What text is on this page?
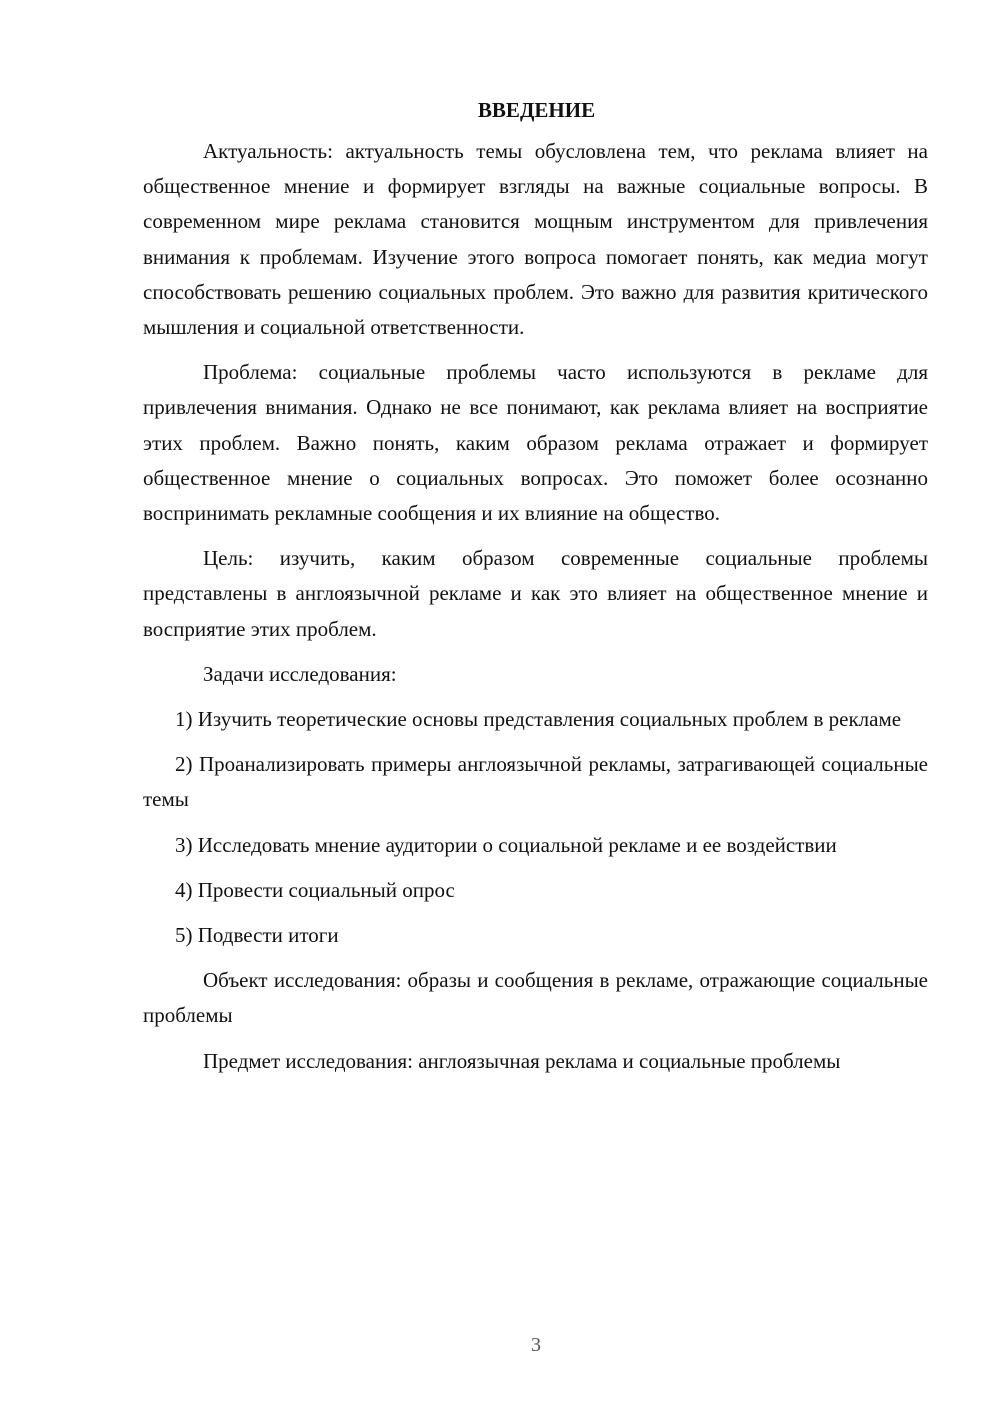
ВВЕДЕНИЕ

Актуальность: актуальность темы обусловлена тем, что реклама влияет на общественное мнение и формирует взгляды на важные социальные вопросы. В современном мире реклама становится мощным инструментом для привлечения внимания к проблемам. Изучение этого вопроса помогает понять, как медиа могут способствовать решению социальных проблем. Это важно для развития критического мышления и социальной ответственности.

Проблема: социальные проблемы часто используются в рекламе для привлечения внимания. Однако не все понимают, как реклама влияет на восприятие этих проблем. Важно понять, каким образом реклама отражает и формирует общественное мнение о социальных вопросах. Это поможет более осознанно воспринимать рекламные сообщения и их влияние на общество.

Цель: изучить, каким образом современные социальные проблемы представлены в англоязычной рекламе и как это влияет на общественное мнение и восприятие этих проблем.

Задачи исследования:

1) Изучить теоретические основы представления социальных проблем в рекламе

2) Проанализировать примеры англоязычной рекламы, затрагивающей социальные темы

3) Исследовать мнение аудитории о социальной рекламе и ее воздействии

4) Провести социальный опрос

5) Подвести итоги

Объект исследования: образы и сообщения в рекламе, отражающие социальные проблемы

Предмет исследования: англоязычная реклама и социальные проблемы

3
